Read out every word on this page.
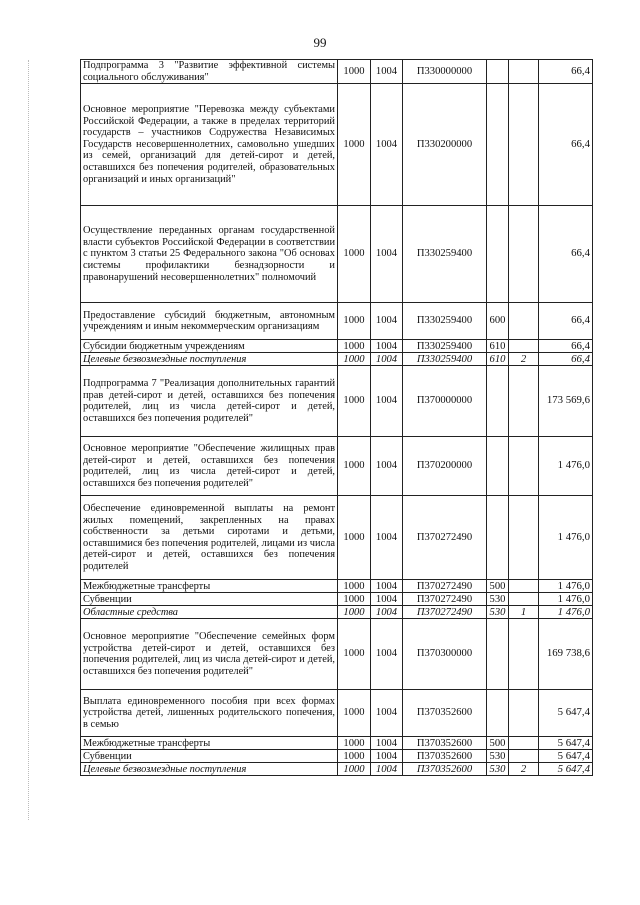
99
Подпрограмма 3 "Развитие эффективной системы социального обслуживания"	1000	1004	П330000000			66,4
Основное мероприятие "Перевозка между субъектами Российской Федерации, а также в пределах территорий государств – участников Содружества Независимых Государств несовершеннолетних, самовольно ушедших из семей, организаций для детей-сирот и детей, оставшихся без попечения родителей, образовательных организаций и иных организаций"	1000	1004	П330200000			66,4
Осуществление переданных органам государственной власти субъектов Российской Федерации в соответствии с пунктом 3 статьи 25 Федерального закона "Об основах системы профилактики безнадзорности и правонарушений несовершеннолетних" полномочий	1000	1004	П330259400			66,4
Предоставление субсидий бюджетным, автономным учреждениям и иным некоммерческим организациям	1000	1004	П330259400	600		66,4
Субсидии бюджетным учреждениям	1000	1004	П330259400	610		66,4
Целевые безвозмездные поступления	1000	1004	П330259400	610	2	66,4
Подпрограмма 7 "Реализация дополнительных гарантий прав детей-сирот и детей, оставшихся без попечения родителей, лиц из числа детей-сирот и детей, оставшихся без попечения родителей"	1000	1004	П370000000			173 569,6
Основное мероприятие "Обеспечение жилищных прав детей-сирот и детей, оставшихся без попечения родителей, лиц из числа детей-сирот и детей, оставшихся без попечения родителей"	1000	1004	П370200000			1 476,0
Обеспечение единовременной выплаты на ремонт жилых помещений, закрепленных на правах собственности за детьми сиротами и детьми, оставшимися без попечения родителей, лицами из числа детей-сирот и детей, оставшихся без попечения родителей	1000	1004	П370272490			1 476,0
Межбюджетные трансферты	1000	1004	П370272490	500		1 476,0
Субвенции	1000	1004	П370272490	530		1 476,0
Областные средства	1000	1004	П370272490	530	1	1 476,0
Основное мероприятие "Обеспечение семейных форм устройства детей-сирот и детей, оставшихся без попечения родителей, лиц из числа детей-сирот и детей, оставшихся без попечения родителей"	1000	1004	П370300000			169 738,6
Выплата единовременного пособия при всех формах устройства детей, лишенных родительского попечения, в семью	1000	1004	П370352600			5 647,4
Межбюджетные трансферты	1000	1004	П370352600	500		5 647,4
Субвенции	1000	1004	П370352600	530		5 647,4
Целевые безвозмездные поступления	1000	1004	П370352600	530	2	5 647,4
